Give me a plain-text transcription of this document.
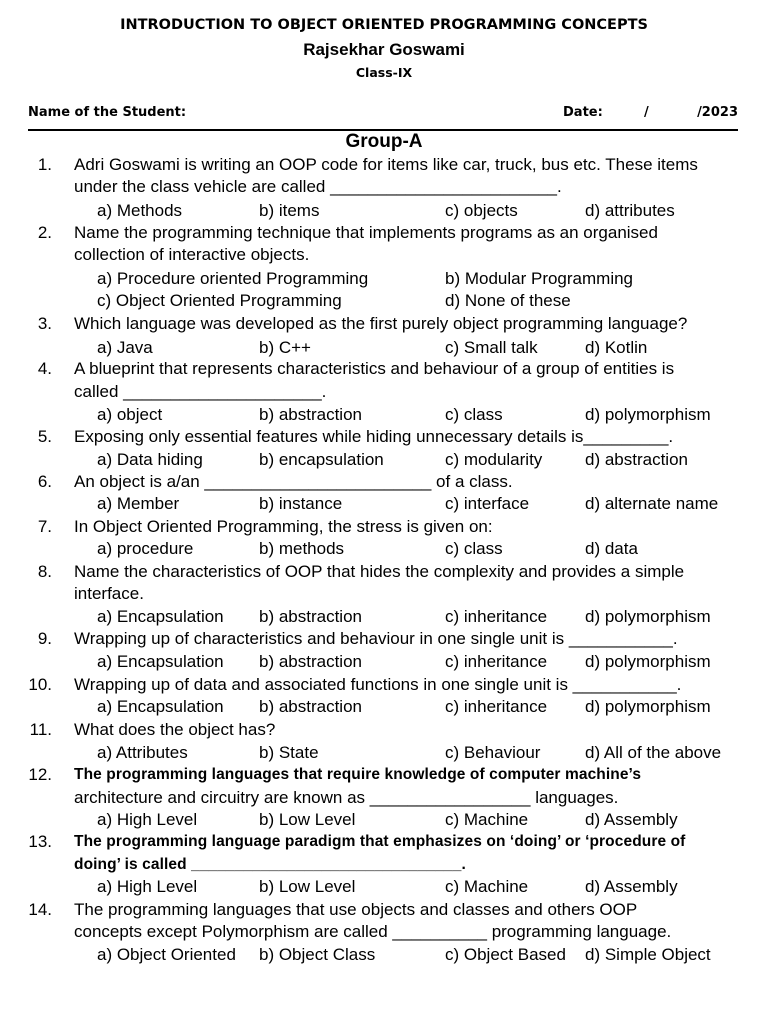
INTRODUCTION TO OBJECT ORIENTED PROGRAMMING CONCEPTS
Rajsekhar Goswami
Class-IX
Name of the Student:	Date:	/	/2023
Group-A
1. Adri Goswami is writing an OOP code for items like car, truck, bus etc. These items
under the class vehicle are called ________________________.
a) Methods	b) items	c) objects	d) attributes
2. Name the programming technique that implements programs as an organised
collection of interactive objects.
a) Procedure oriented Programming	b) Modular Programming
c) Object Oriented Programming	d) None of these
3. Which language was developed as the first purely object programming language?
a) Java	b) C++	c) Small talk	d) Kotlin
4. A blueprint that represents characteristics and behaviour of a group of entities is
called _____________________.
a) object	b) abstraction	c) class	d) polymorphism
5. Exposing only essential features while hiding unnecessary details is_________.
a) Data hiding	b) encapsulation	c) modularity	d) abstraction
6. An object is a/an ________________________ of a class.
a) Member	b) instance	c) interface	d) alternate name
7. In Object Oriented Programming, the stress is given on:
a) procedure	b) methods	c) class	d) data
8. Name the characteristics of OOP that hides the complexity and provides a simple
interface.
a) Encapsulation b) abstraction	c) inheritance d) polymorphism
9. Wrapping up of characteristics and behaviour in one single unit is ___________.
a) Encapsulation b) abstraction	c) inheritance d) polymorphism
10. Wrapping up of data and associated functions in one single unit is ___________.
a) Encapsulation b) abstraction	c) inheritance d) polymorphism
11. What does the object has?
a) Attributes	b) State	c) Behaviour	d) All of the above
12. The programming languages that require knowledge of computer machine’s
architecture and circuitry are known as _________________ languages.
a) High Level	b) Low Level	c) Machine	d) Assembly
13. The programming language paradigm that emphasizes on ‘doing’ or ‘procedure of
doing’ is called _______________________________.
a) High Level	b) Low Level	c) Machine	d) Assembly
14. The programming languages that use objects and classes and others OOP
concepts except Polymorphism are called __________ programming language.
a) Object Oriented b) Object Class	c) Object Based d) Simple Object
